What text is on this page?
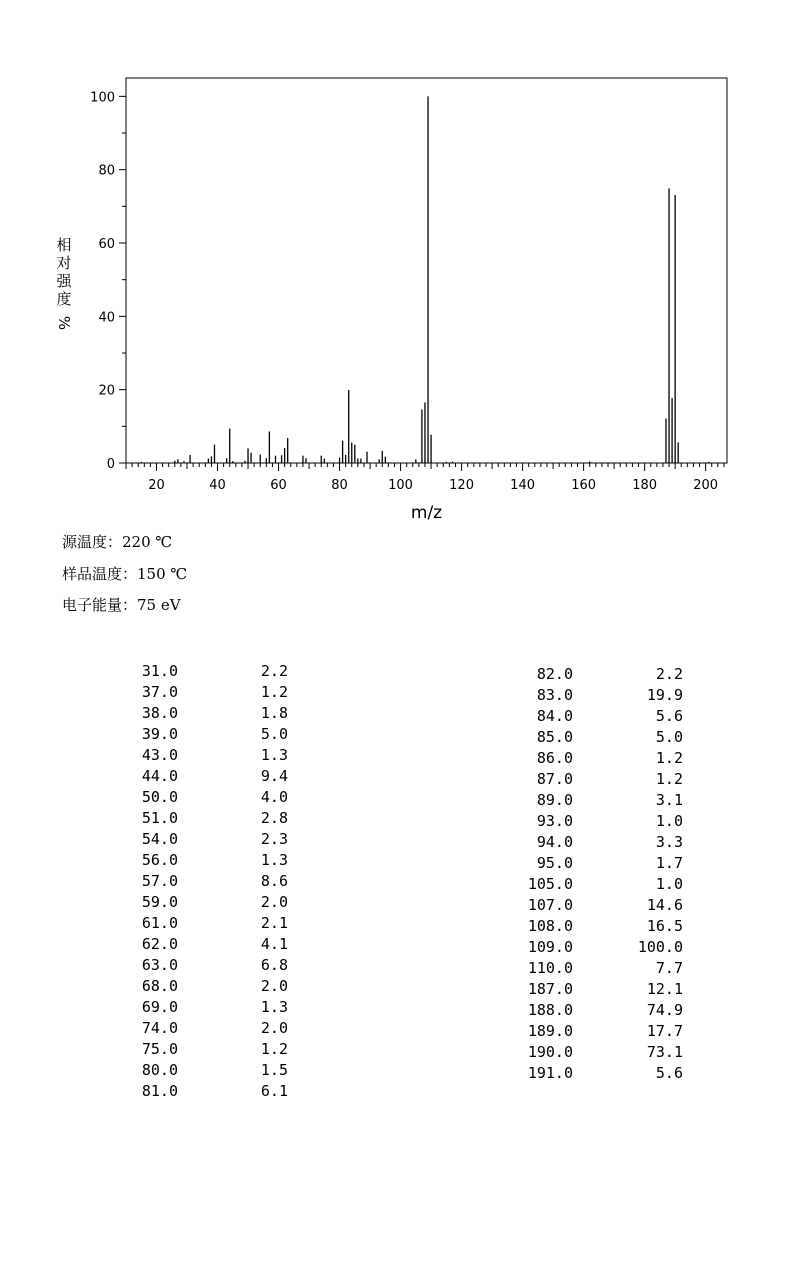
0
20
40
60
80
100
20	40	60	80	100	120	140	160	180	200
m/z
相
对
强
度
%
源温度：220 ℃
样品温度：150 ℃
电子能量：75 eV
31.0	2.2
37.0	1.2
38.0	1.8
39.0	5.0
43.0	1.3
44.0	9.4
50.0	4.0
51.0	2.8
54.0	2.3
56.0	1.3
57.0	8.6
59.0	2.0
61.0	2.1
62.0	4.1
63.0	6.8
68.0	2.0
69.0	1.3
74.0	2.0
75.0	1.2
80.0	1.5
81.0	6.1
82.0	2.2
83.0	19.9
84.0	5.6
85.0	5.0
86.0	1.2
87.0	1.2
89.0	3.1
93.0	1.0
94.0	3.3
95.0	1.7
105.0	1.0
107.0	14.6
108.0	16.5
109.0	100.0
110.0	7.7
187.0	12.1
188.0	74.9
189.0	17.7
190.0	73.1
191.0	5.6
